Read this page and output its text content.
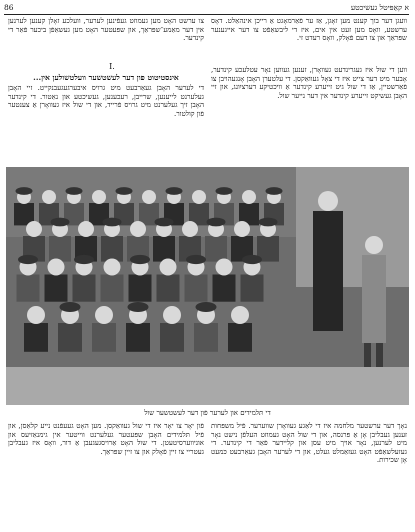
86	א קאַפּיטל געשיכטע

וועגן דער בוך קענט מען זאָגן, אַז ער פֿאַרמאָגט אַ רייכן אינהאַלט. דאָס ערשטע, וואָס מען זעט אין אים, איז די ליבשאַפֿט צו דער אייגענער שפּראַך און צו דעם פֿאָלק, וואָס רעדט זי.

צו ערשט האָט מען געמוזט געפֿינען לערער, וועלכע זאָלן קענען לערנען אין דער מאַמע־שפּראַך, און שפּעטער האָט מען געשאַפֿן ביכער פֿאַר די קינדער.

I.
אינסטיטוט פון דער לעשטשער וועלטשולען אין...

ווען די שול איז געגרינדעט געוואָרן, זענען געווען נאָר עטלעכע קינדער, אָבער מיט דער צייט איז די צאָל געוואַקסן. די עלטערן האָבן אָנגעהויבן צו פֿאַרשטיין, אַז די שול גיט זייערע קינדער אַ וויכטיקע דערציִונג, און זיי האָבן געשיקט זייערע קינדער אין דער נייער שול.

די לערער האָבן געאַרבעט מיט גרויס איבערגעגעבנקייט. זיי האָבן געלערנט לייענען, שרייבן, רעכענען, געשיכטע און נאַטור. די קינדער האָבן זיך געלערנט מיט גרויס פֿרייד, און די שול איז געוואָרן אַ צענטער פֿון קולטור.

די תּלמידים און לערער פֿון דער לעשטשער שול

נאָך דער ערשטער מלחמה איז די לאַגע געוואָרן שווערער. פֿיל משפּחות זענען געבליבן אָן אַ פּרנסה, און די שול האָט געמוזט העלפֿן נישט נאָר מיט לערנען, נאָר אויך מיט עסן און קליידער פֿאַר די קינדער. די געזעלשאַפֿט האָט געזאַמלט געלט, און די לערער האָבן געאַרבעט כּמעט אָן שכירות.

פֿון יאָר צו יאָר איז די שול געוואַקסן. מען האָט געעפֿנט נייע קלאַסן, און פֿיל תּלמידים האָבן שפּעטער געלערנט ווייטער אין גימנאַזיעס און אוניווערסיטעטן. די שול האָט אַרויסגעגעבן אַ דור, וואָס איז געבליבן געטריי צו זיין פֿאָלק און צו זיין שפּראַך.
